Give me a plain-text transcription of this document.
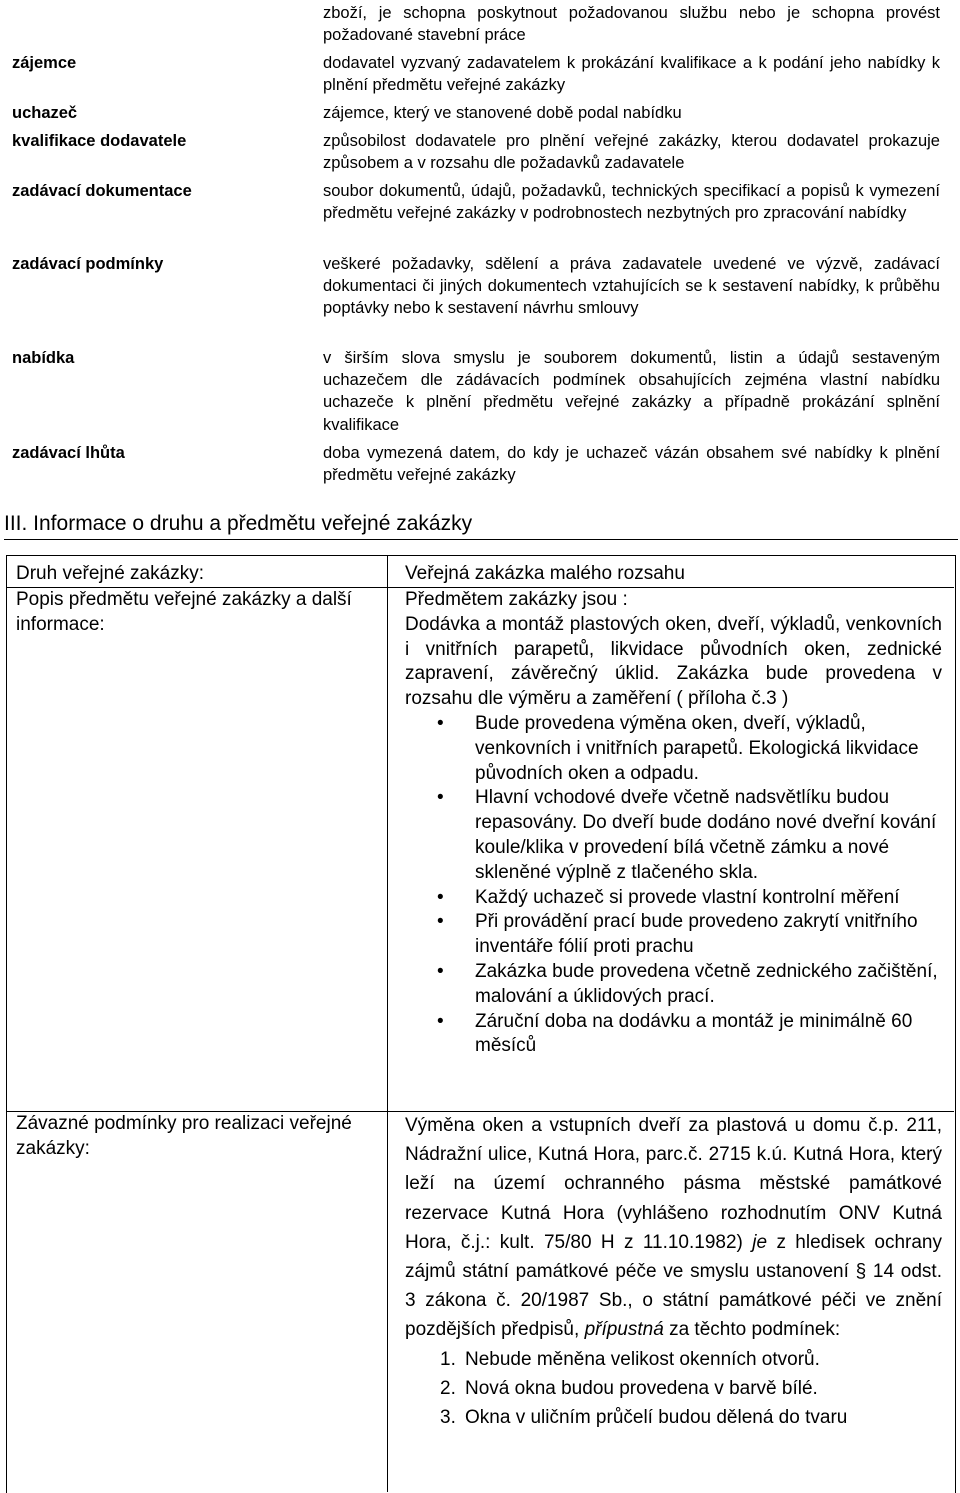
zboží, je schopna poskytnout požadovanou službu nebo je schopna provést požadované stavební práce
zájemce	dodavatel vyzvaný zadavatelem k prokázání kvalifikace a k podání jeho nabídky k plnění předmětu veřejné zakázky
uchazeč	zájemce, který ve stanovené době podal nabídku
kvalifikace dodavatele	způsobilost dodavatele pro plnění veřejné zakázky, kterou dodavatel prokazuje způsobem a v rozsahu dle požadavků zadavatele
zadávací dokumentace	soubor dokumentů, údajů, požadavků, technických specifikací a popisů k vymezení předmětu veřejné zakázky v podrobnostech nezbytných pro zpracování nabídky
zadávací podmínky	veškeré požadavky, sdělení a práva zadavatele uvedené ve výzvě, zadávací dokumentaci či jiných dokumentech vztahujících se k sestavení nabídky, k průběhu poptávky nebo k sestavení návrhu smlouvy
nabídka	v širším slova smyslu je souborem dokumentů, listin a údajů sestaveným uchazečem dle zádávacích podmínek obsahujících zejména vlastní nabídku uchazeče k plnění předmětu veřejné zakázky a případně prokázání splnění kvalifikace
zadávací lhůta	doba vymezená datem, do kdy je uchazeč vázán obsahem své nabídky k plnění předmětu veřejné zakázky
III. Informace o druhu a předmětu veřejné zakázky
Druh veřejné zakázky:	Veřejná zakázka malého rozsahu
Popis předmětu veřejné zakázky a další informace:
Předmětem zakázky jsou :
Dodávka a montáž plastových oken, dveří, výkladů, venkovních i vnitřních parapetů, likvidace původních oken, zednické zapravení, závěrečný úklid. Zakázka bude provedena v rozsahu dle výměru a zaměření ( příloha č.3 )
• Bude provedena výměna oken, dveří, výkladů, venkovních i vnitřních parapetů. Ekologická likvidace původních oken a odpadu.
• Hlavní vchodové dveře včetně nadsvětlíku budou repasovány. Do dveří bude dodáno nové dveřní kování koule/klika v provedení bílá včetně zámku a nové skleněné výplně z tlačeného skla.
• Každý uchazeč si provede vlastní kontrolní měření
• Při provádění prací bude provedeno zakrytí vnitřního inventáře fólií proti prachu
• Zakázka bude provedena včetně zednického začištění, malování a úklidových prací.
• Záruční doba na dodávku a montáž je minimálně 60 měsíců
Závazné podmínky pro realizaci veřejné zakázky:
Výměna oken a vstupních dveří za plastová u domu č.p. 211, Nádražní ulice, Kutná Hora, parc.č. 2715 k.ú. Kutná Hora, který leží na území ochranného pásma městské památkové rezervace Kutná Hora (vyhlášeno rozhodnutím ONV Kutná Hora, č.j.: kult. 75/80 H z 11.10.1982) je z hledisek ochrany zájmů státní památkové péče ve smyslu ustanovení § 14 odst. 3 zákona č. 20/1987 Sb., o státní památkové péči ve znění pozdějších předpisů, přípustná za těchto podmínek:
1. Nebude měněna velikost okenních otvorů.
2. Nová okna budou provedena v barvě bílé.
3. Okna v uličním průčelí budou dělená do tvaru
